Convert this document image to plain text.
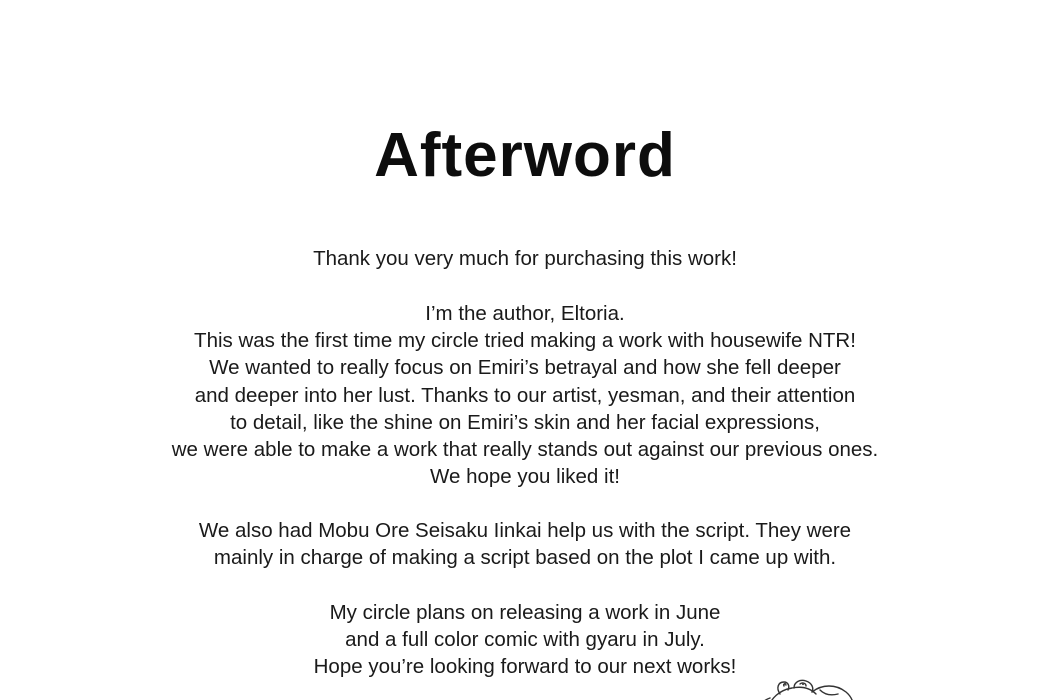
Afterword
Thank you very much for purchasing this work!
I’m the author, Eltoria.
This was the first time my circle tried making a work with housewife NTR!
We wanted to really focus on Emiri’s betrayal and how she fell deeper
and deeper into her lust. Thanks to our artist, yesman, and their attention
to detail, like the shine on Emiri’s skin and her facial expressions,
we were able to make a work that really stands out against our previous ones.
We hope you liked it!
We also had Mobu Ore Seisaku Iinkai help us with the script. They were
mainly in charge of making a script based on the plot I came up with.
My circle plans on releasing a work in June
and a full color comic with gyaru in July.
Hope you’re looking forward to our next works!
